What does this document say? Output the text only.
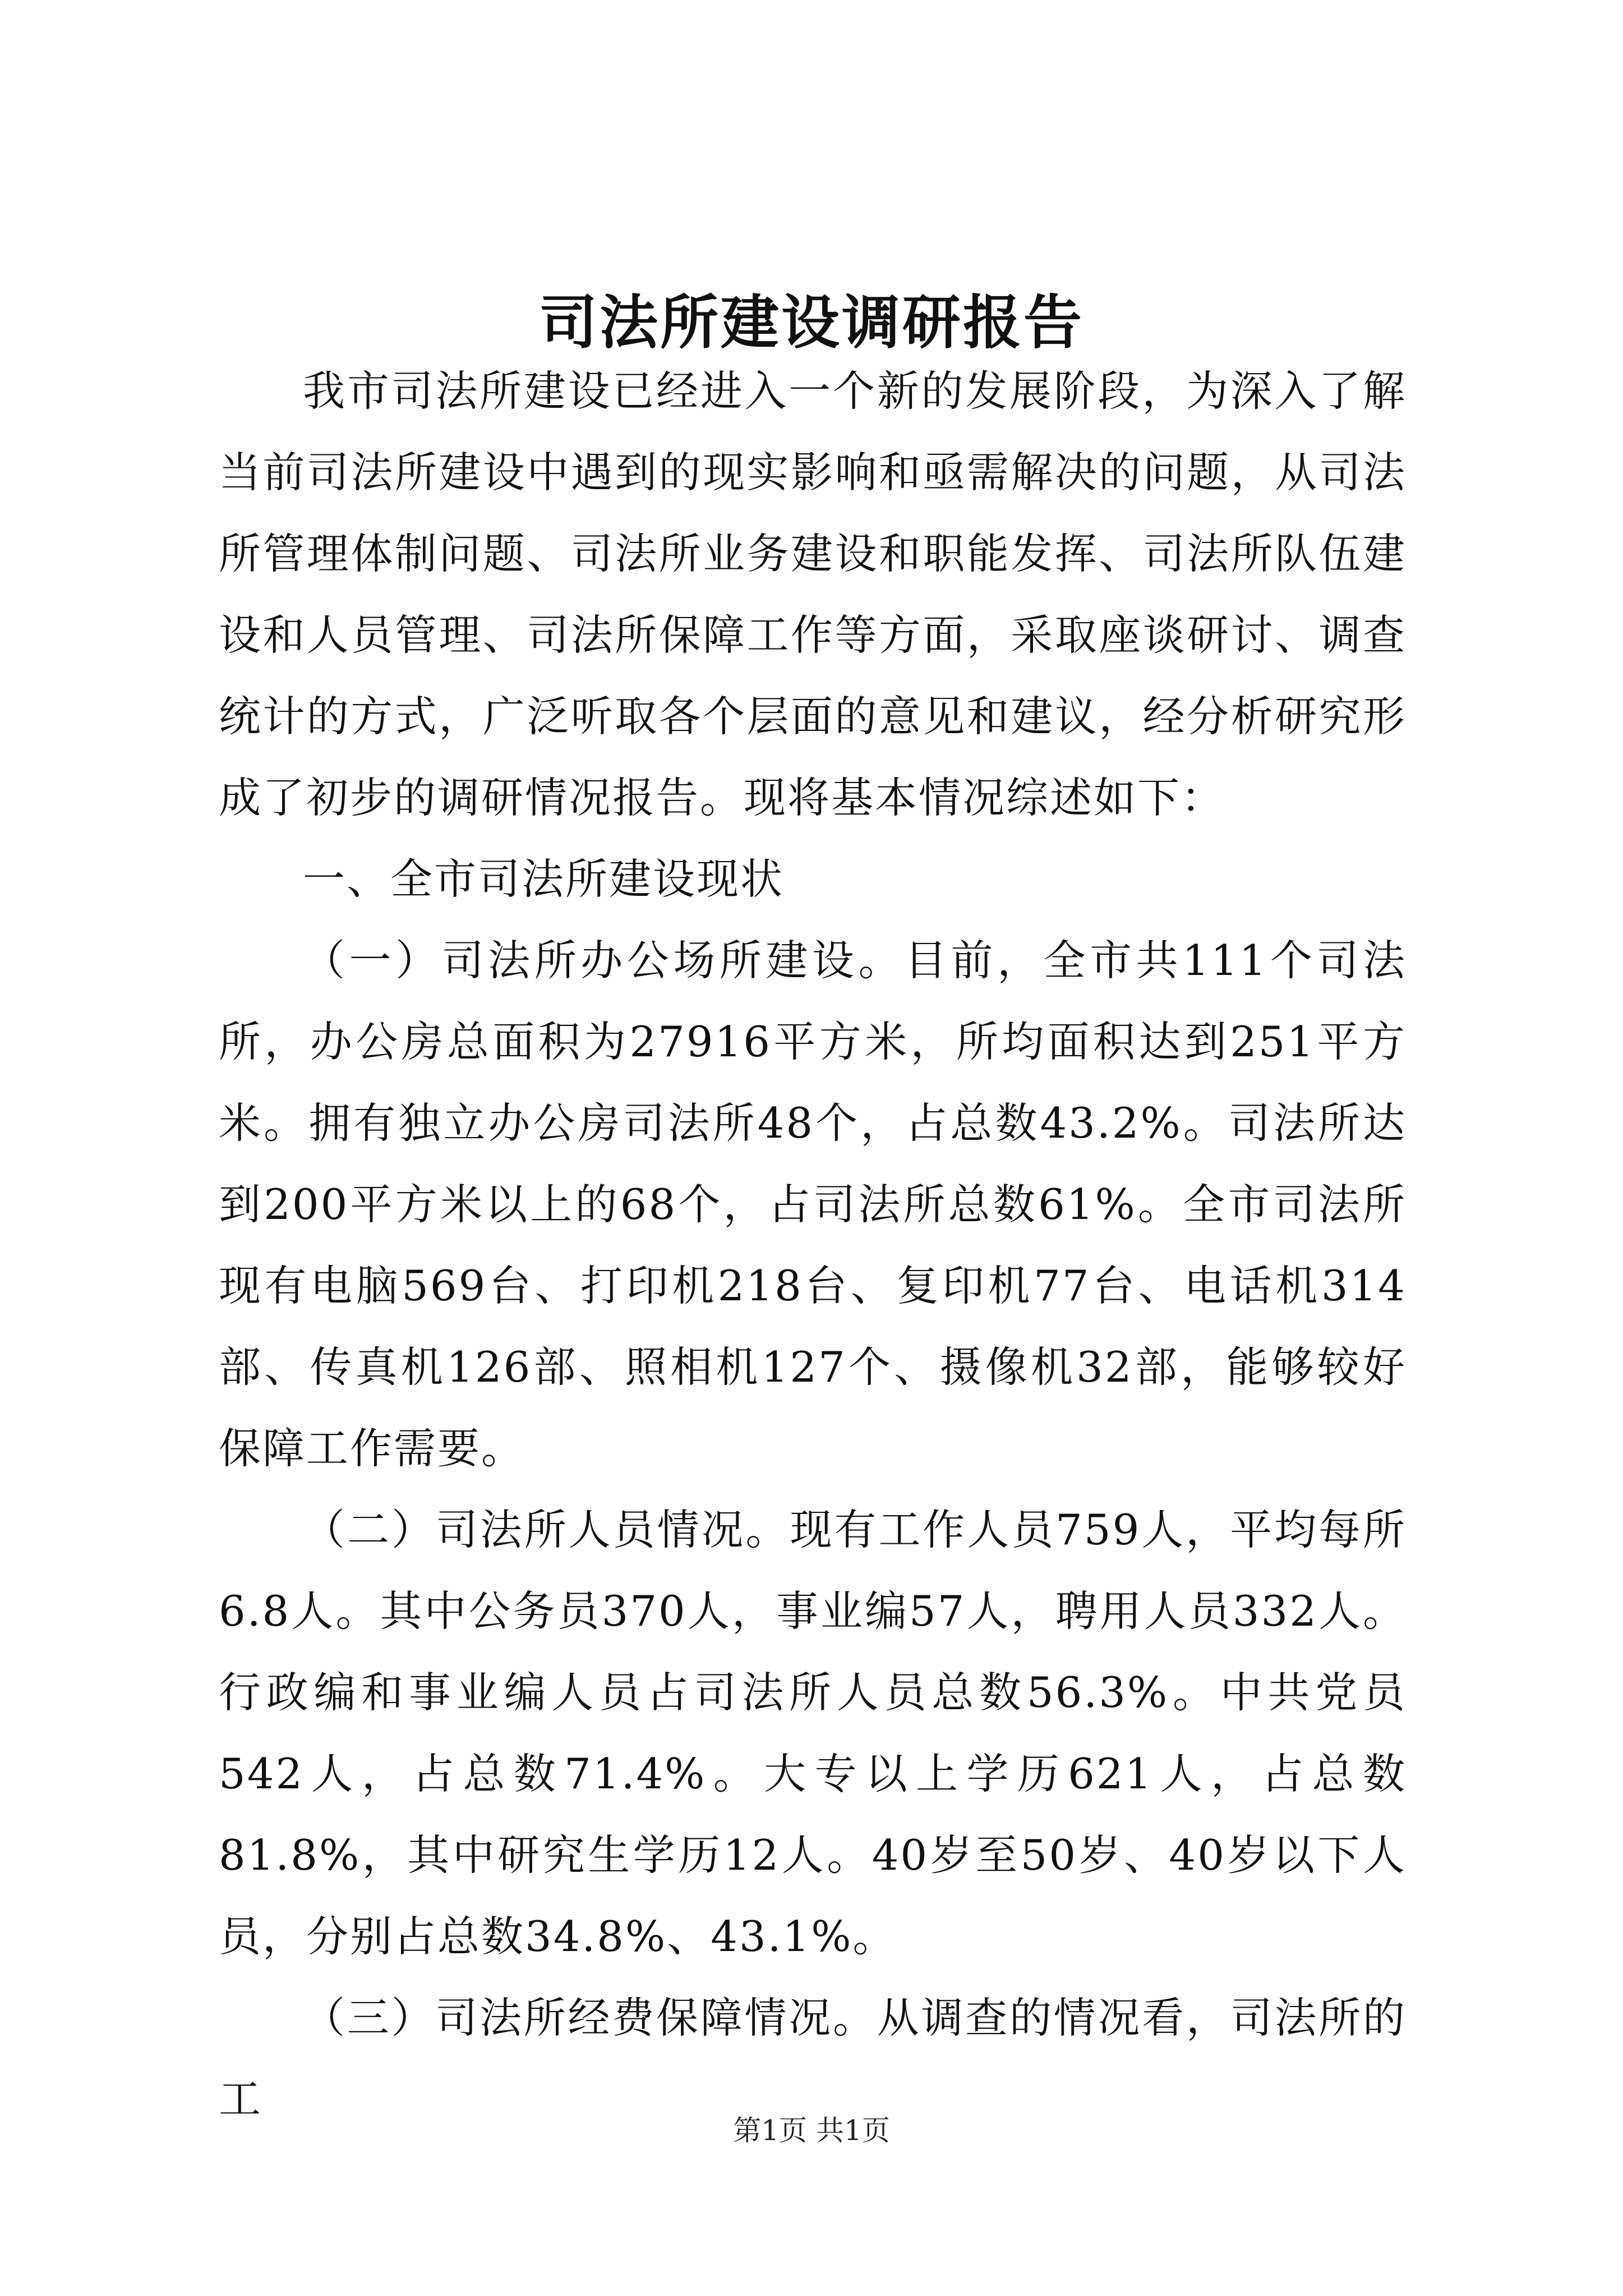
司法所建设调研报告

我市司法所建设已经进入一个新的发展阶段，为深入了解当前司法所建设中遇到的现实影响和亟需解决的问题，从司法所管理体制问题、司法所业务建设和职能发挥、司法所队伍建设和人员管理、司法所保障工作等方面，采取座谈研讨、调查统计的方式，广泛听取各个层面的意见和建议，经分析研究形成了初步的调研情况报告。现将基本情况综述如下：

一、全市司法所建设现状

（一）司法所办公场所建设。目前，全市共111个司法所，办公房总面积为27916平方米，所均面积达到251平方米。拥有独立办公房司法所48个，占总数43.2%。司法所达到200平方米以上的68个，占司法所总数61%。全市司法所现有电脑569台、打印机218台、复印机77台、电话机314部、传真机126部、照相机127个、摄像机32部，能够较好保障工作需要。

（二）司法所人员情况。现有工作人员759人，平均每所6.8人。其中公务员370人，事业编57人，聘用人员332人。行政编和事业编人员占司法所人员总数56.3%。中共党员542人，占总数71.4%。大专以上学历621人，占总数81.8%，其中研究生学历12人。40岁至50岁、40岁以下人员，分别占总数34.8%、43.1%。

（三）司法所经费保障情况。从调查的情况看，司法所的工

第1页 共1页
